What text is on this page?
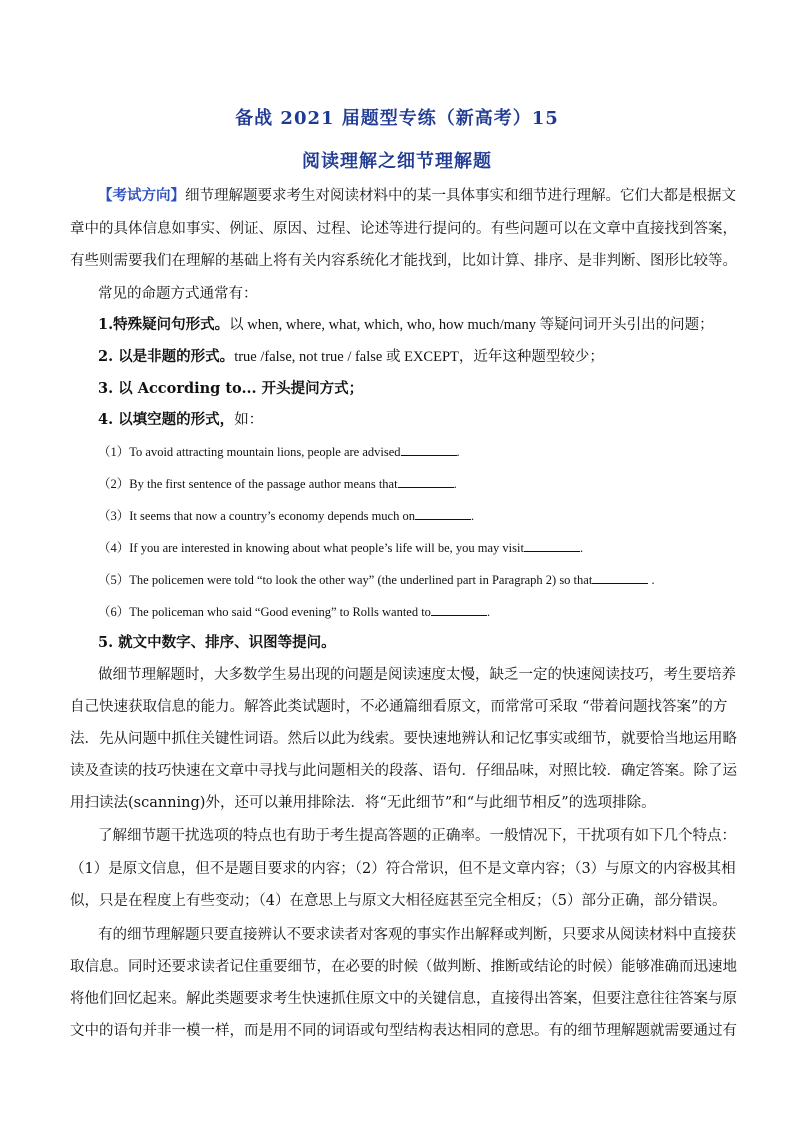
备战 2021 届题型专练（新高考）15
阅读理解之细节理解题
【考试方向】细节理解题要求考生对阅读材料中的某一具体事实和细节进行理解。它们大都是根据文
章中的具体信息如事实、例证、原因、过程、论述等进行提问的。有些问题可以在文章中直接找到答案，
有些则需要我们在理解的基础上将有关内容系统化才能找到，比如计算、排序、是非判断、图形比较等。
常见的命题方式通常有：
1.特殊疑问句形式。以 when, where, what, which, who, how much/many 等疑问词开头引出的问题；
2. 以是非题的形式。true /false, not true / false 或 EXCEPT，近年这种题型较少；
3. 以 According to... 开头提问方式；
4. 以填空题的形式，如：
（1）To avoid attracting mountain lions, people are advised	.
（2）By the first sentence of the passage author means that	.
（3）It seems that now a country’s economy depends much on	.
（4）If you are interested in knowing about what people’s life will be, you may visit	.
（5）The policemen were told “to look the other way” (the underlined part in Paragraph 2) so that	.
（6）The policeman who said “Good evening” to Rolls wanted to	.
5. 就文中数字、排序、识图等提问。
做细节理解题时，大多数学生易出现的问题是阅读速度太慢，缺乏一定的快速阅读技巧，考生要培养
自己快速获取信息的能力。解答此类试题时，不必通篇细看原文，而常常可采取 “带着问题找答案”的方
法．先从问题中抓住关键性词语。然后以此为线索。要快速地辨认和记忆事实或细节，就要恰当地运用略
读及查读的技巧快速在文章中寻找与此问题相关的段落、语句．仔细品味，对照比较．确定答案。除了运
用扫读法(scanning)外，还可以兼用排除法．将“无此细节”和“与此细节相反”的选项排除。
了解细节题干扰选项的特点也有助于考生提高答题的正确率。一般情况下，干扰项有如下几个特点：
（1）是原文信息，但不是题目要求的内容；（2）符合常识，但不是文章内容；（3）与原文的内容极其相
似，只是在程度上有些变动；（4）在意思上与原文大相径庭甚至完全相反；（5）部分正确，部分错误。
有的细节理解题只要直接辨认不要求读者对客观的事实作出解释或判断，只要求从阅读材料中直接获
取信息。同时还要求读者记住重要细节，在必要的时候（做判断、推断或结论的时候）能够准确而迅速地
将他们回忆起来。解此类题要求考生快速抓住原文中的关键信息，直接得出答案，但要注意往往答案与原
文中的语句并非一模一样，而是用不同的词语或句型结构表达相同的意思。有的细节理解题就需要通过有
